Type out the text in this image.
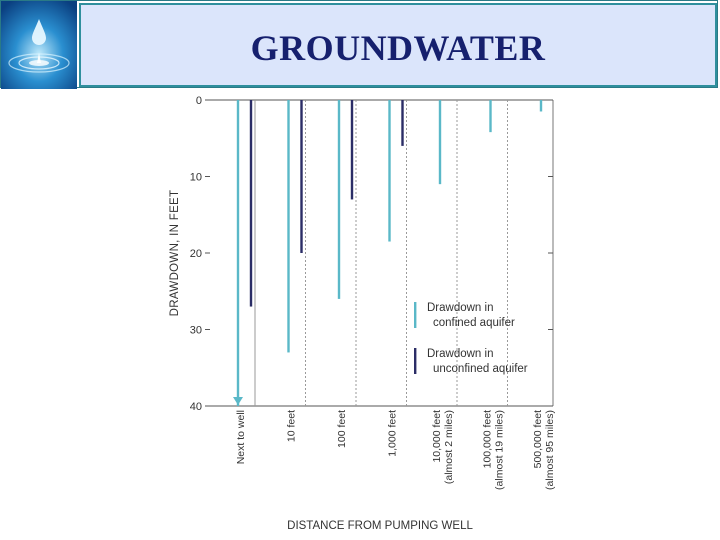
GROUNDWATER
0
10
20
30
40
DRAWDOWN, IN FEET
Next to well	10 feet	100 feet	1,000 feet	10,000 feet (almost 2 miles)	100,000 feet (almost 19 miles)	500,000 feet (almost 95 miles)
Drawdown in
confined aquifer
Drawdown in
unconfined aquifer
DISTANCE FROM PUMPING WELL
